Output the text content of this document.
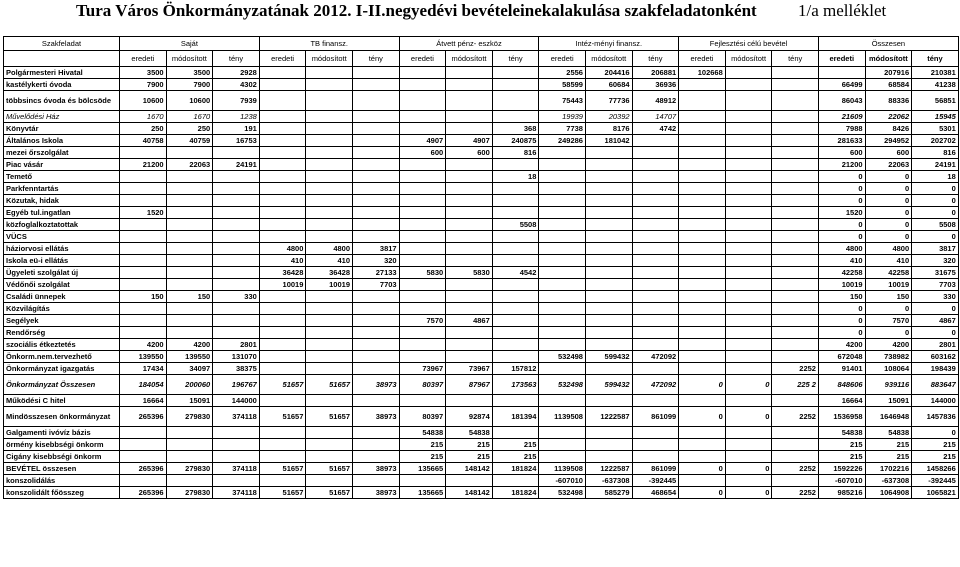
Tura Város Önkormányzatának 2012. I-II.negyedévi bevételeinekalakulása szakfeladatonként 1/a melléklet
Szakfeladat	Saját			TB finansz.			Átvett pénz- eszköz			Intéz-ményi finansz.			Fejlesztési célú bevétel			Összesen			
	eredeti	módosított	tény	eredeti	módosított	tény	eredeti	módosított	tény	eredeti	módosított	tény	eredeti	módosított	tény	eredeti	módosított	tény	
Polgármesteri Hivatal	3500	3500	2928							2556	204416	206881	102668				207916	210381	
kastélykerti óvoda	7900	7900	4302							58599	60684	36936				66499	68584	41238	
többsincs óvoda és bölcsöde	10600	10600	7939							75443	77736	48912				86043	88336	56851	
Művelődési Ház	1670	1670	1238							19939	20392	14707				21609	22062	15945	
Könyvtár	250	250	191						368	7738	8176	4742				7988	8426	5301	
Általános Iskola	40758	40759	16753				4907	4907	240875	249286	181042					281633	294952	202702	
mezei őrszolgálat							600	600	816							600	600	816	
Piac vásár	21200	22063	24191													21200	22063	24191	
Temető									18							0	0	18	
Parkfenntartás																0	0	0	
Közutak, hidak																0	0	0	
Egyéb tul.ingatlan	1520															1520	0	0	
közfoglalkoztatottak									5508							0	0	5508	
VÜCS																0	0	0	
háziorvosi ellátás				4800	4800	3817										4800	4800	3817	
Iskola eü-i ellátás				410	410	320										410	410	320	
Ügyeleti szolgálat új				36428	36428	27133	5830	5830	4542							42258	42258	31675	
Védőnői szolgálat				10019	10019	7703										10019	10019	7703	
Családi ünnepek	150	150	330													150	150	330	
Közvilágítás																0	0	0	
Segélyek							7570	4867								0	7570	4867	
Rendőrség																0	0	0	
szociális étkeztetés	4200	4200	2801													4200	4200	2801	
Önkorm.nem.tervezhető	139550	139550	131070							532498	599432	472092				672048	738982	603162	
Önkormányzat igazgatás	17434	34097	38375				73967	73967	157812						2252	91401	108064	198439	
Önkormányzat Összesen	184054	200060	196767	51657	51657	38973	80397	87967	173563	532498	599432	472092	0	0	225 2	848606	939116	883647	
Működési C hitel	16664	15091	144000													16664	15091	144000	
Mindösszesen önkormányzat	265396	279830	374118	51657	51657	38973	80397	92874	181394	1139508	1222587	861099	0	0	2252	1536958	1646948	1457836	
Galgamenti ivóvíz bázis							54838	54838								54838	54838	0	
örmény kisebbségi önkorm							215	215	215							215	215	215	
Cigány kisebbségi önkorm							215	215	215							215	215	215	
BEVÉTEL összesen	265396	279830	374118	51657	51657	38973	135665	148142	181824	1139508	1222587	861099	0	0	2252	1592226	1702216	1458266	
konszolidálás										-607010	-637308	-392445				-607010	-637308	-392445	
konszolidált főösszeg	265396	279830	374118	51657	51657	38973	135665	148142	181824	532498	585279	468654	0	0	2252	985216	1064908	1065821	
